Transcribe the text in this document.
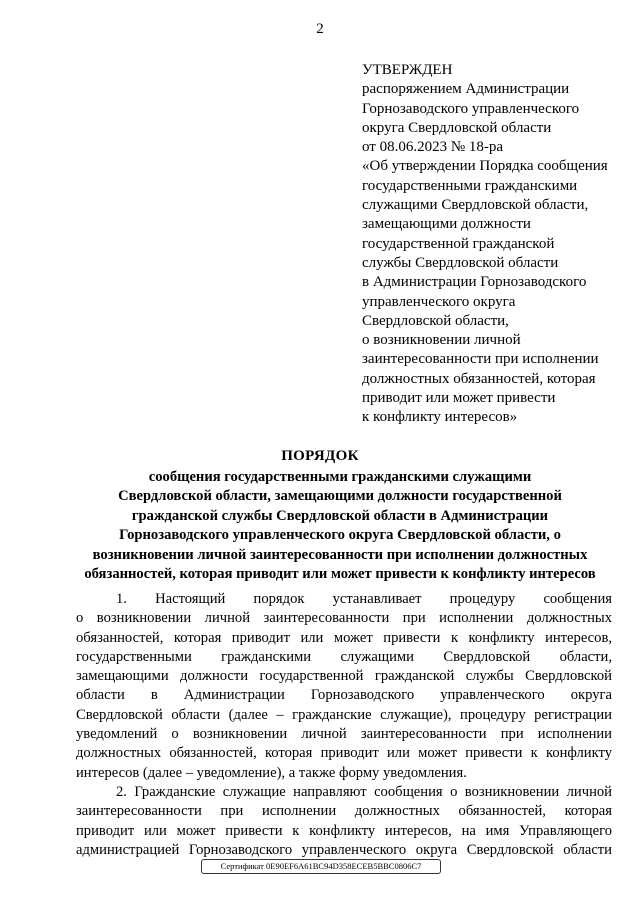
2
УТВЕРЖДЕН
распоряжением Администрации
Горнозаводского управленческого
округа Свердловской области
от 08.06.2023 № 18-ра
«Об утверждении Порядка сообщения
государственными гражданскими
служащими Свердловской области,
замещающими должности
государственной гражданской
службы Свердловской области
в Администрации Горнозаводского
управленческого округа
Свердловской области,
о возникновении личной
заинтересованности при исполнении
должностных обязанностей, которая
приводит или может привести
к конфликту интересов»
ПОРЯДОК
сообщения государственными гражданскими служащими
Свердловской области, замещающими должности государственной
гражданской службы Свердловской области в Администрации
Горнозаводского управленческого округа Свердловской области, о
возникновении личной заинтересованности при исполнении должностных
обязанностей, которая приводит или может привести к конфликту интересов
1. Настоящий порядок устанавливает процедуру сообщения
о возникновении личной заинтересованности при исполнении должностных
обязанностей, которая приводит или может привести к конфликту интересов,
государственными гражданскими служащими Свердловской области,
замещающими должности государственной гражданской службы Свердловской
области в Администрации Горнозаводского управленческого округа
Свердловской области (далее – гражданские служащие), процедуру регистрации
уведомлений о возникновении личной заинтересованности при исполнении
должностных обязанностей, которая приводит или может привести к конфликту
интересов (далее – уведомление), а также форму уведомления.
2. Гражданские служащие направляют сообщения о возникновении личной
заинтересованности при исполнении должностных обязанностей, которая
приводит или может привести к конфликту интересов, на имя Управляющего
администрацией Горнозаводского управленческого округа Свердловской области
Сертификат 0E90EF6A61BC94D358ECEB5BBC0806C7
